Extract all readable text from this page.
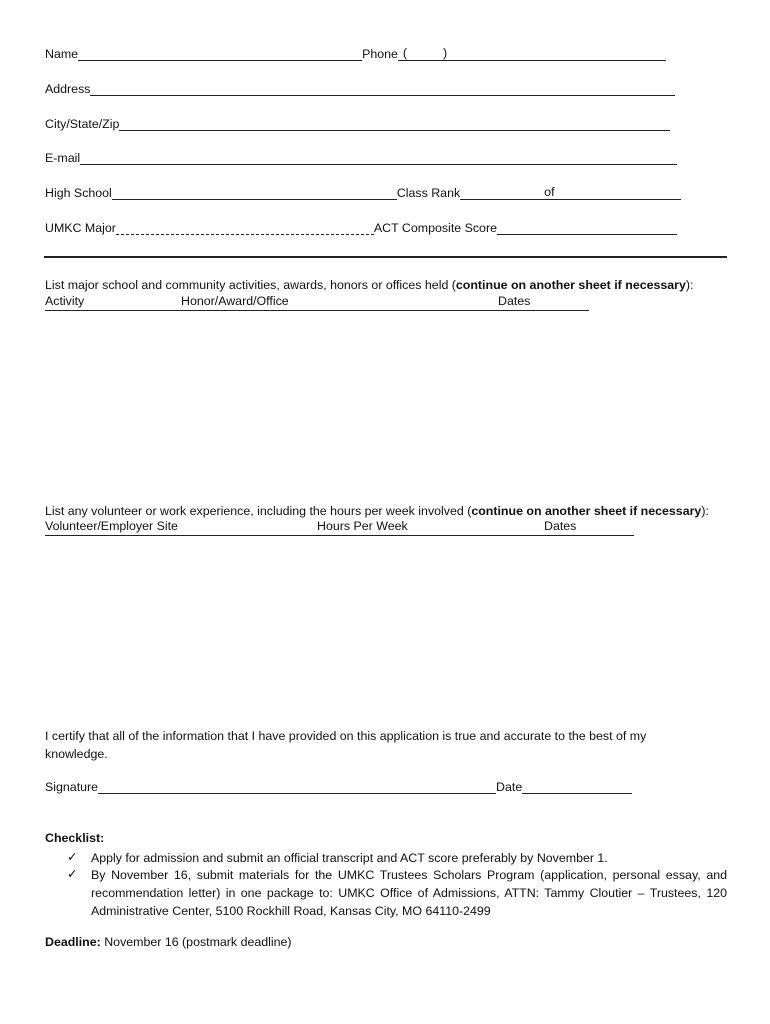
Name	Phone (	)
Address
City/State/Zip
E-mail
High School	Class Rank	of
UMKC Major	ACT Composite Score
List major school and community activities, awards, honors or offices held (continue on another sheet if necessary):
Activity	Honor/Award/Office	Dates
List any volunteer or work experience, including the hours per week involved (continue on another sheet if necessary):
Volunteer/Employer Site	Hours Per Week	Dates
I certify that all of the information that I have provided on this application is true and accurate to the best of my knowledge.
Signature	Date
Checklist:
✓ Apply for admission and submit an official transcript and ACT score preferably by November 1.
✓ By November 16, submit materials for the UMKC Trustees Scholars Program (application, personal essay, and recommendation letter) in one package to: UMKC Office of Admissions, ATTN: Tammy Cloutier – Trustees, 120 Administrative Center, 5100 Rockhill Road, Kansas City, MO 64110-2499
Deadline: November 16 (postmark deadline)
